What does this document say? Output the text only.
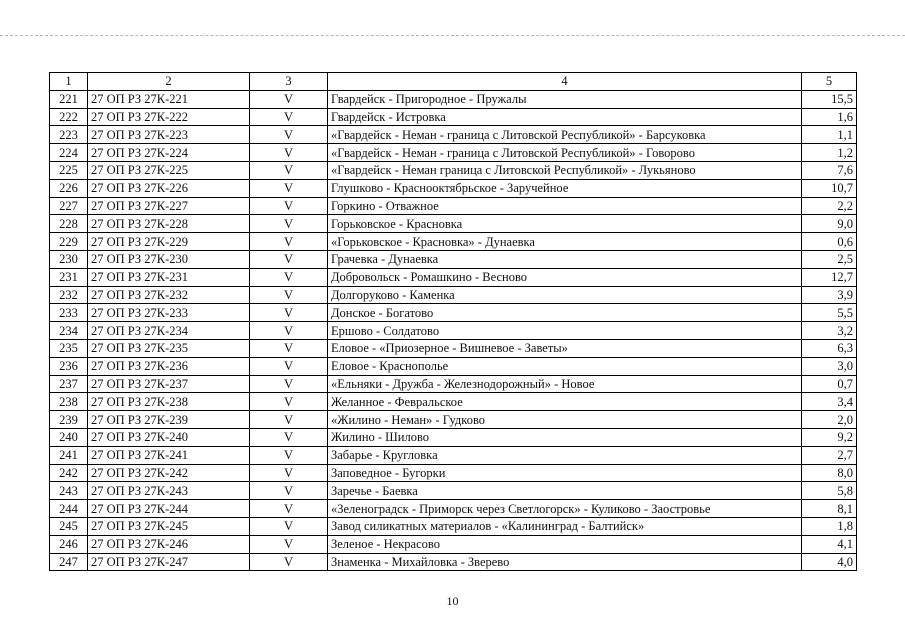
1	2	3	4	5
221	27 ОП РЗ 27К-221	V	Гвардейск - Пригородное - Пружалы	15,5
222	27 ОП РЗ 27К-222	V	Гвардейск - Истровка	1,6
223	27 ОП РЗ 27К-223	V	«Гвардейск - Неман - граница с Литовской Республикой» - Барсуковка	1,1
224	27 ОП РЗ 27К-224	V	«Гвардейск - Неман - граница с Литовской Республикой» - Говорово	1,2
225	27 ОП РЗ 27К-225	V	«Гвардейск - Неман граница с Литовской Республикой» - Лукьяново	7,6
226	27 ОП РЗ 27К-226	V	Глушково - Краснооктябрьское - Заручейное	10,7
227	27 ОП РЗ 27К-227	V	Горкино - Отважное	2,2
228	27 ОП РЗ 27К-228	V	Горьковское - Красновка	9,0
229	27 ОП РЗ 27К-229	V	«Горьковское - Красновка» - Дунаевка	0,6
230	27 ОП РЗ 27К-230	V	Грачевка - Дунаевка	2,5
231	27 ОП РЗ 27К-231	V	Добровольск - Ромашкино - Весново	12,7
232	27 ОП РЗ 27К-232	V	Долгоруково - Каменка	3,9
233	27 ОП РЗ 27К-233	V	Донское - Богатово	5,5
234	27 ОП РЗ 27К-234	V	Ершово - Солдатово	3,2
235	27 ОП РЗ 27К-235	V	Еловое - «Приозерное - Вишневое - Заветы»	6,3
236	27 ОП РЗ 27К-236	V	Еловое - Краснополье	3,0
237	27 ОП РЗ 27К-237	V	«Ельняки - Дружба - Железнодорожный» - Новое	0,7
238	27 ОП РЗ 27К-238	V	Желанное - Февральское	3,4
239	27 ОП РЗ 27К-239	V	«Жилино - Неман» - Гудково	2,0
240	27 ОП РЗ 27К-240	V	Жилино - Шилово	9,2
241	27 ОП РЗ 27К-241	V	Забарье - Кругловка	2,7
242	27 ОП РЗ 27К-242	V	Заповедное - Бугорки	8,0
243	27 ОП РЗ 27К-243	V	Заречье - Баевка	5,8
244	27 ОП РЗ 27К-244	V	«Зеленоградск - Приморск через Светлогорск» - Куликово - Заостровье	8,1
245	27 ОП РЗ 27К-245	V	Завод силикатных материалов - «Калининград - Балтийск»	1,8
246	27 ОП РЗ 27К-246	V	Зеленое - Некрасово	4,1
247	27 ОП РЗ 27К-247	V	Знаменка - Михайловка - Зверево	4,0
10
